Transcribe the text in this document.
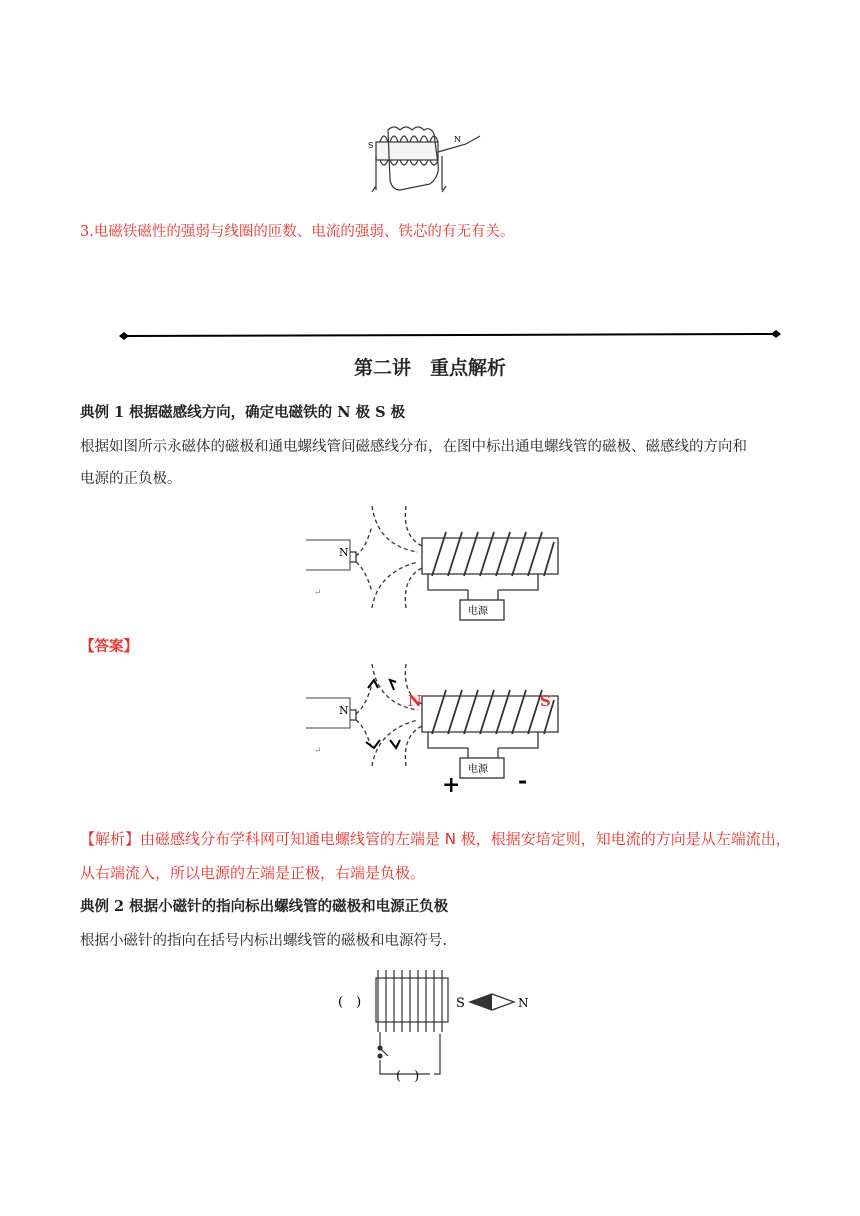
S
N
3.电磁铁磁性的强弱与线圈的匝数、电流的强弱、铁芯的有无有关。
第二讲　重点解析
典例 1 根据磁感线方向，确定电磁铁的 N 极 S 极
根据如图所示永磁体的磁极和通电螺线管间磁感线分布，在图中标出通电螺线管的磁极、磁感线的方向和
电源的正负极。
N
电源
↵
【答案】
N
N	S
电源
+	-
↵
【解析】由磁感线分布学科网可知通电螺线管的左端是 N 极，根据安培定则，知电流的方向是从左端流出，
从右端流入，所以电源的左端是正极，右端是负极。
典例 2 根据小磁针的指向标出螺线管的磁极和电源正负极
根据小磁针的指向在括号内标出螺线管的磁极和电源符号.
(　)	S	N
(　)
